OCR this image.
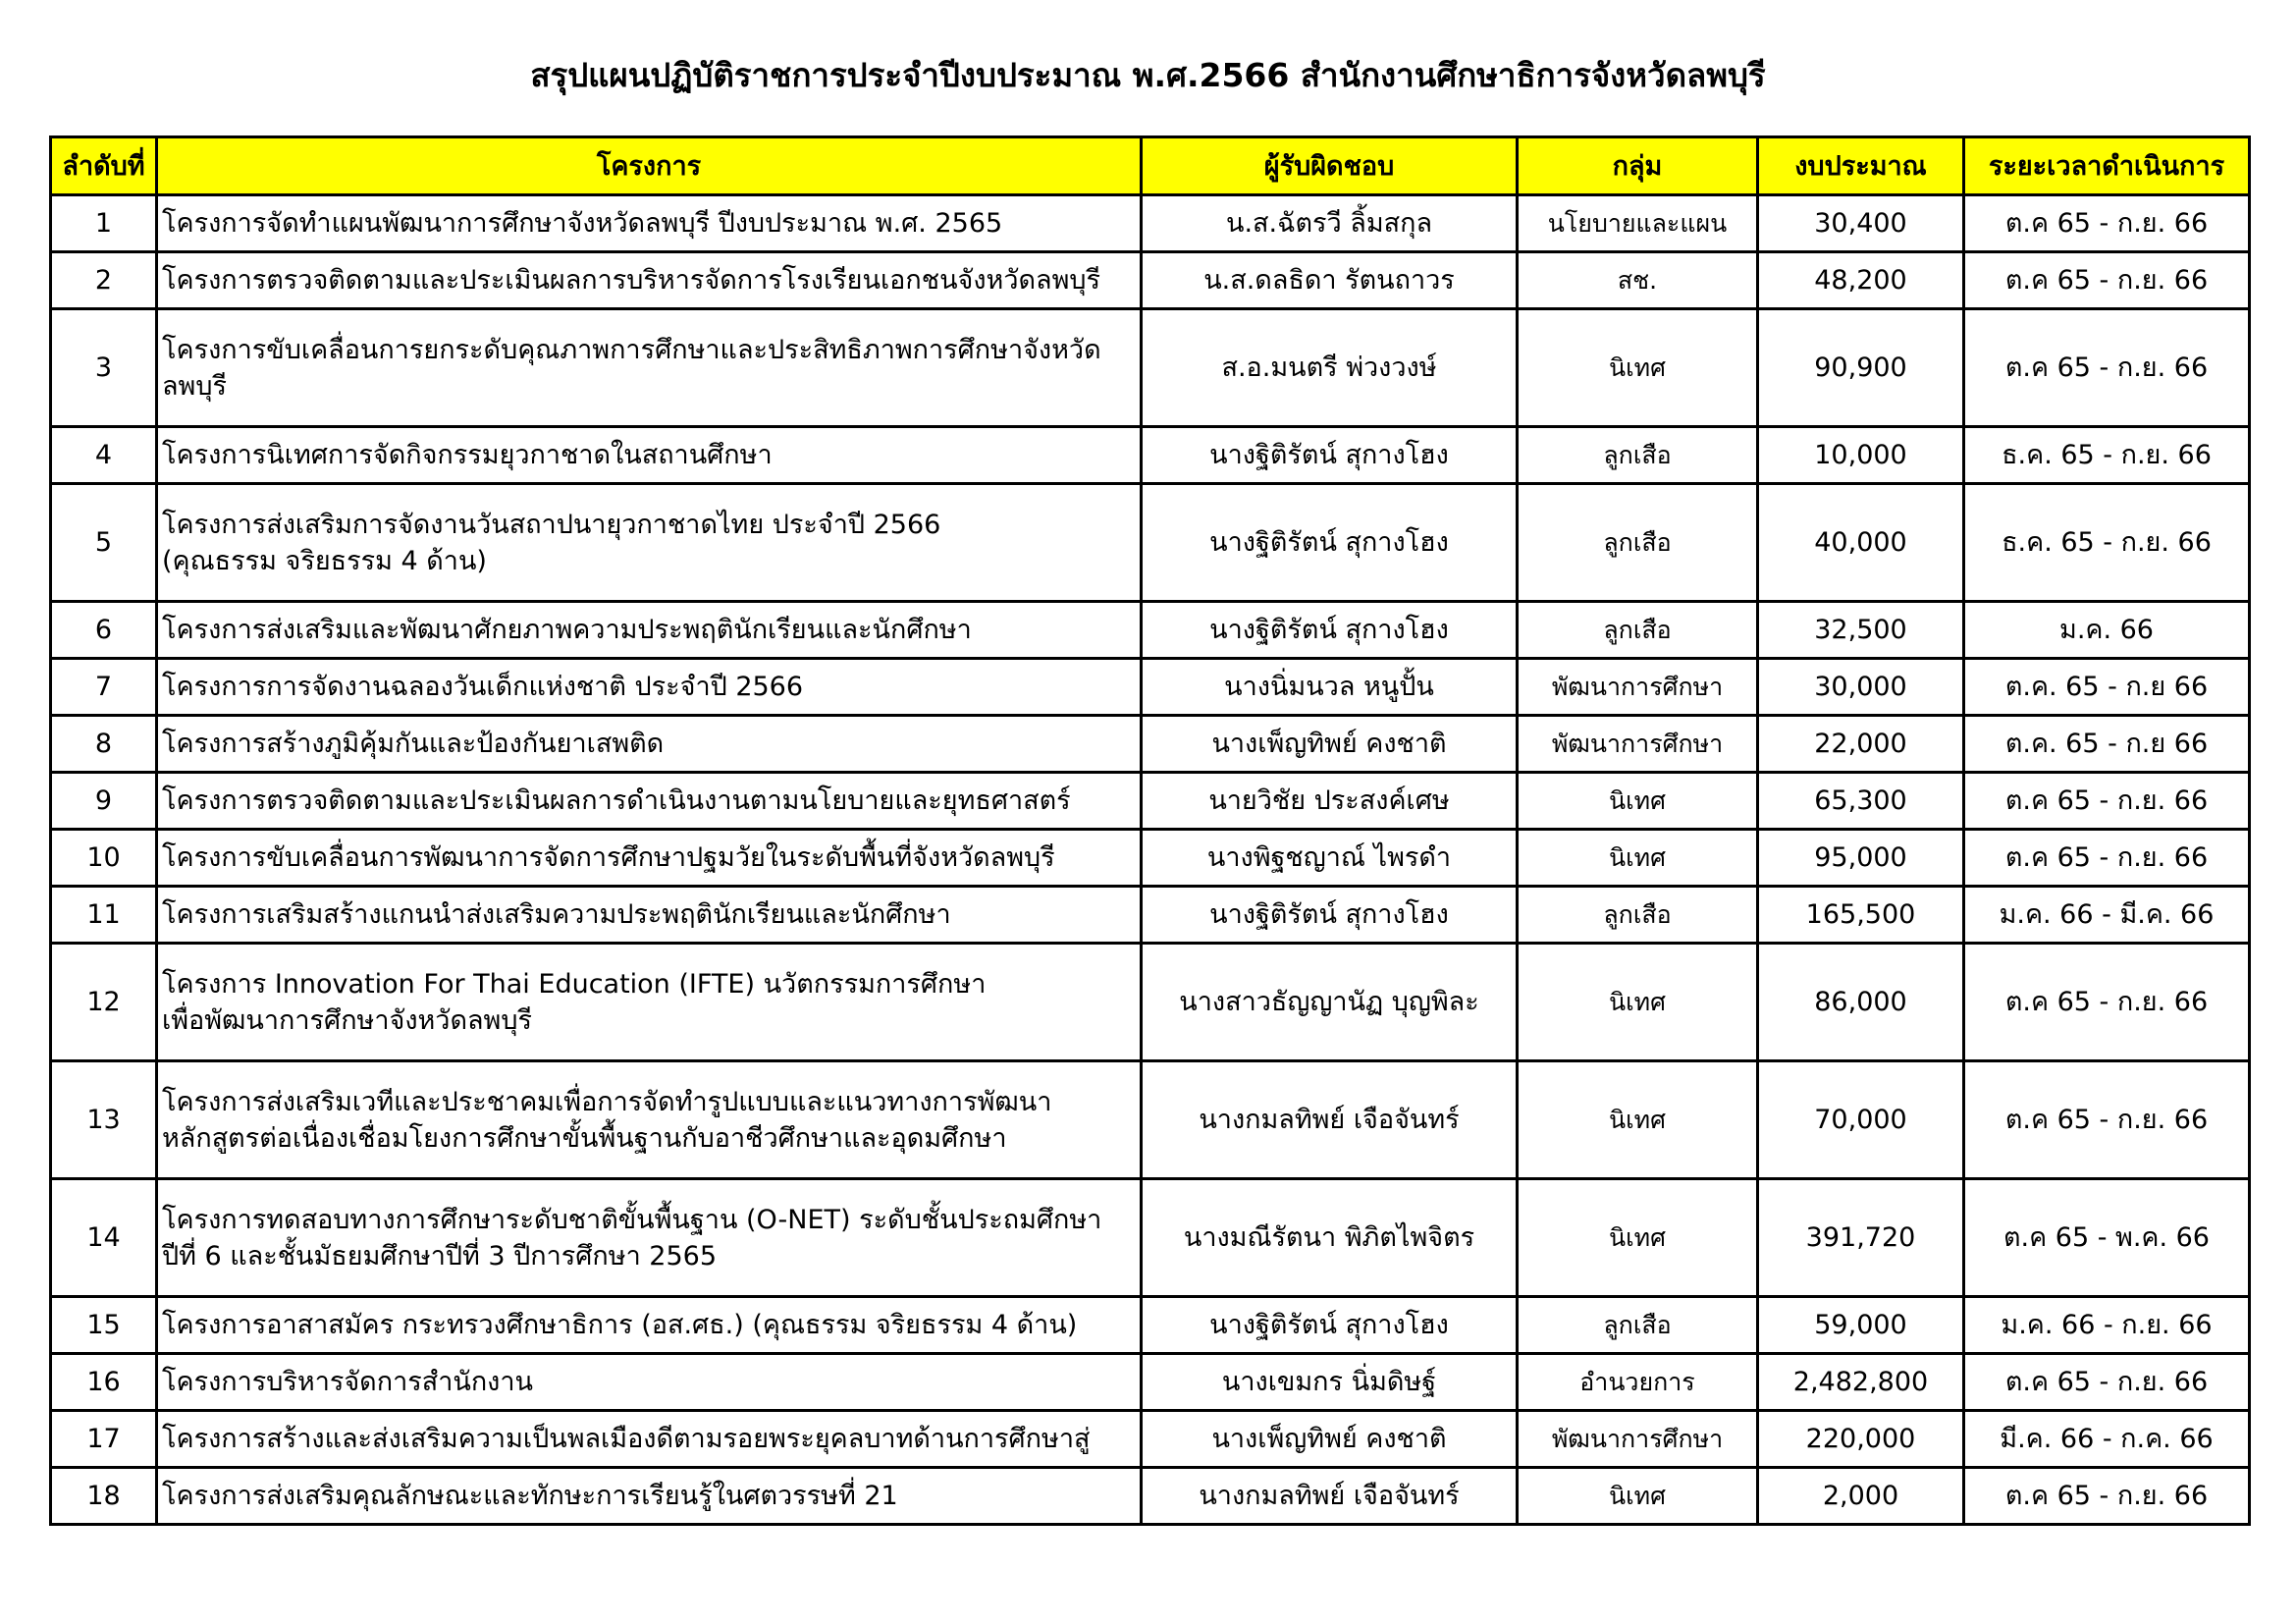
สรุปแผนปฏิบัติราชการประจำปีงบประมาณ พ.ศ.2566 สำนักงานศึกษาธิการจังหวัดลพบุรี
ลำดับที่	โครงการ	ผู้รับผิดชอบ	กลุ่ม	งบประมาณ	ระยะเวลาดำเนินการ
1	โครงการจัดทำแผนพัฒนาการศึกษาจังหวัดลพบุรี ปีงบประมาณ พ.ศ. 2565	น.ส.ฉัตรวี ลิ้มสกุล	นโยบายและแผน	30,400	ต.ค 65 - ก.ย. 66
2	โครงการตรวจติดตามและประเมินผลการบริหารจัดการโรงเรียนเอกชนจังหวัดลพบุรี	น.ส.ดลธิดา รัตนถาวร	สช.	48,200	ต.ค 65 - ก.ย. 66
3	โครงการขับเคลื่อนการยกระดับคุณภาพการศึกษาและประสิทธิภาพการศึกษาจังหวัด
ลพบุรี	ส.อ.มนตรี พ่วงวงษ์	นิเทศ	90,900	ต.ค 65 - ก.ย. 66
4	โครงการนิเทศการจัดกิจกรรมยุวกาชาดในสถานศึกษา	นางฐิติรัตน์ สุกางโฮง	ลูกเสือ	10,000	ธ.ค. 65 - ก.ย. 66
5	โครงการส่งเสริมการจัดงานวันสถาปนายุวกาชาดไทย ประจำปี 2566
(คุณธรรม จริยธรรม 4 ด้าน)	นางฐิติรัตน์ สุกางโฮง	ลูกเสือ	40,000	ธ.ค. 65 - ก.ย. 66
6	โครงการส่งเสริมและพัฒนาศักยภาพความประพฤตินักเรียนและนักศึกษา	นางฐิติรัตน์ สุกางโฮง	ลูกเสือ	32,500	ม.ค. 66
7	โครงการการจัดงานฉลองวันเด็กแห่งชาติ ประจำปี 2566	นางนิ่มนวล หนูปั้น	พัฒนาการศึกษา	30,000	ต.ค. 65 - ก.ย 66
8	โครงการสร้างภูมิคุ้มกันและป้องกันยาเสพติด	นางเพ็ญทิพย์ คงชาติ	พัฒนาการศึกษา	22,000	ต.ค. 65 - ก.ย 66
9	โครงการตรวจติดตามและประเมินผลการดำเนินงานตามนโยบายและยุทธศาสตร์	นายวิชัย ประสงค์เศษ	นิเทศ	65,300	ต.ค 65 - ก.ย. 66
10	โครงการขับเคลื่อนการพัฒนาการจัดการศึกษาปฐมวัยในระดับพื้นที่จังหวัดลพบุรี	นางพิฐชญาณ์ ไพรดำ	นิเทศ	95,000	ต.ค 65 - ก.ย. 66
11	โครงการเสริมสร้างแกนนำส่งเสริมความประพฤตินักเรียนและนักศึกษา	นางฐิติรัตน์ สุกางโฮง	ลูกเสือ	165,500	ม.ค. 66 - มี.ค. 66
12	โครงการ Innovation For Thai Education (IFTE) นวัตกรรมการศึกษา
เพื่อพัฒนาการศึกษาจังหวัดลพบุรี	นางสาวธัญญานัฏ บุญพิละ	นิเทศ	86,000	ต.ค 65 - ก.ย. 66
13	โครงการส่งเสริมเวทีและประชาคมเพื่อการจัดทำรูปแบบและแนวทางการพัฒนา
หลักสูตรต่อเนื่องเชื่อมโยงการศึกษาขั้นพื้นฐานกับอาชีวศึกษาและอุดมศึกษา	นางกมลทิพย์ เจือจันทร์	นิเทศ	70,000	ต.ค 65 - ก.ย. 66
14	โครงการทดสอบทางการศึกษาระดับชาติขั้นพื้นฐาน (O-NET) ระดับชั้นประถมศึกษา
ปีที่ 6 และชั้นมัธยมศึกษาปีที่ 3 ปีการศึกษา 2565	นางมณีรัตนา พิภิตไพจิตร	นิเทศ	391,720	ต.ค 65 - พ.ค. 66
15	โครงการอาสาสมัคร กระทรวงศึกษาธิการ (อส.ศธ.) (คุณธรรม จริยธรรม 4 ด้าน)	นางฐิติรัตน์ สุกางโฮง	ลูกเสือ	59,000	ม.ค. 66 - ก.ย. 66
16	โครงการบริหารจัดการสำนักงาน	นางเขมกร นิ่มดิษฐ์	อำนวยการ	2,482,800	ต.ค 65 - ก.ย. 66
17	โครงการสร้างและส่งเสริมความเป็นพลเมืองดีตามรอยพระยุคลบาทด้านการศึกษาสู่	นางเพ็ญทิพย์ คงชาติ	พัฒนาการศึกษา	220,000	มี.ค. 66 - ก.ค. 66
18	โครงการส่งเสริมคุณลักษณะและทักษะการเรียนรู้ในศตวรรษที่ 21	นางกมลทิพย์ เจือจันทร์	นิเทศ	2,000	ต.ค 65 - ก.ย. 66
